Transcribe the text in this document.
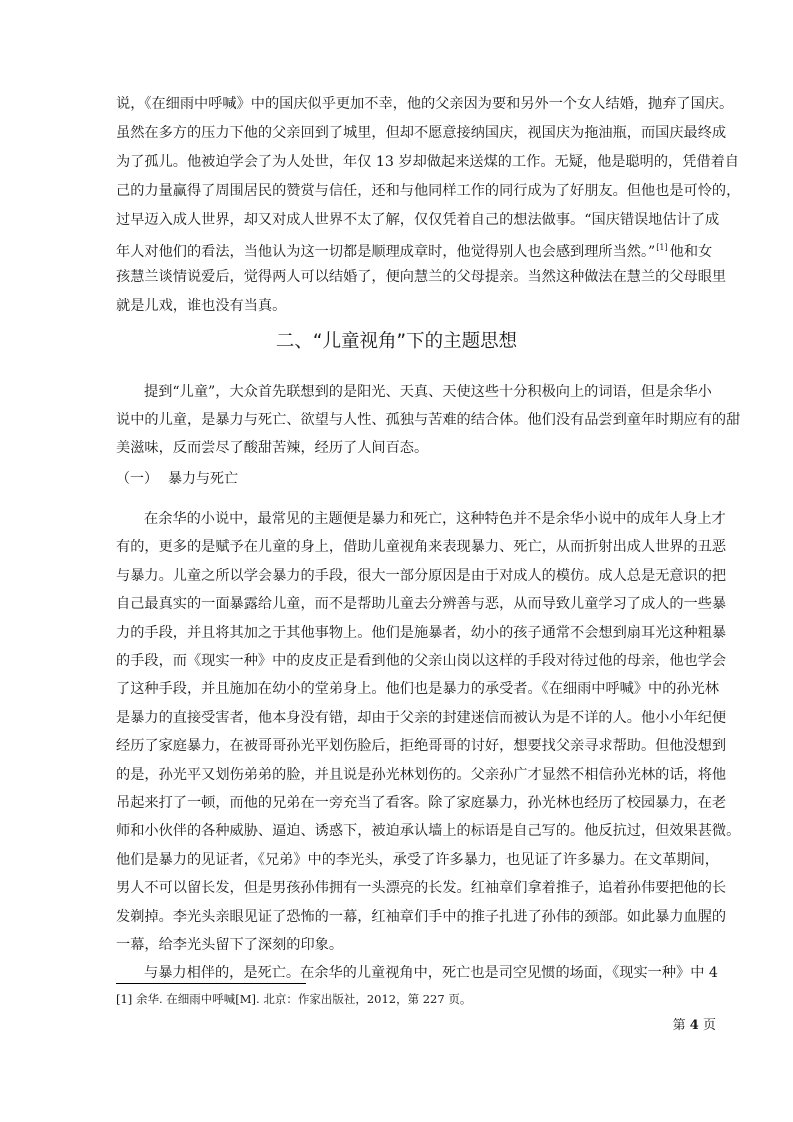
说，《在细雨中呼喊》中的国庆似乎更加不幸，他的父亲因为要和另外一个女人结婚，抛弃了国庆。
虽然在多方的压力下他的父亲回到了城里，但却不愿意接纳国庆，视国庆为拖油瓶，而国庆最终成
为了孤儿。他被迫学会了为人处世，年仅 13 岁却做起来送煤的工作。无疑，他是聪明的，凭借着自
己的力量赢得了周围居民的赞赏与信任，还和与他同样工作的同行成为了好朋友。但他也是可怜的，
过早迈入成人世界，却又对成人世界不太了解，仅仅凭着自己的想法做事。“国庆错误地估计了成
年人对他们的看法，当他认为这一切都是顺理成章时，他觉得别人也会感到理所当然。”[1] 他和女
孩慧兰谈情说爱后，觉得两人可以结婚了，便向慧兰的父母提亲。当然这种做法在慧兰的父母眼里
就是儿戏，谁也没有当真。
二、“儿童视角”下的主题思想
提到“儿童”，大众首先联想到的是阳光、天真、天使这些十分积极向上的词语，但是余华小
说中的儿童，是暴力与死亡、欲望与人性、孤独与苦难的结合体。他们没有品尝到童年时期应有的甜
美滋味，反而尝尽了酸甜苦辣，经历了人间百态。
（一） 暴力与死亡
在余华的小说中，最常见的主题便是暴力和死亡，这种特色并不是余华小说中的成年人身上才
有的，更多的是赋予在儿童的身上，借助儿童视角来表现暴力、死亡，从而折射出成人世界的丑恶
与暴力。儿童之所以学会暴力的手段，很大一部分原因是由于对成人的模仿。成人总是无意识的把
自己最真实的一面暴露给儿童，而不是帮助儿童去分辨善与恶，从而导致儿童学习了成人的一些暴
力的手段，并且将其加之于其他事物上。他们是施暴者，幼小的孩子通常不会想到扇耳光这种粗暴
的手段，而《现实一种》中的皮皮正是看到他的父亲山岗以这样的手段对待过他的母亲，他也学会
了这种手段，并且施加在幼小的堂弟身上。他们也是暴力的承受者。《在细雨中呼喊》中的孙光林
是暴力的直接受害者，他本身没有错，却由于父亲的封建迷信而被认为是不详的人。他小小年纪便
经历了家庭暴力，在被哥哥孙光平划伤脸后，拒绝哥哥的讨好，想要找父亲寻求帮助。但他没想到
的是，孙光平又划伤弟弟的脸，并且说是孙光林划伤的。父亲孙广才显然不相信孙光林的话，将他
吊起来打了一顿，而他的兄弟在一旁充当了看客。除了家庭暴力，孙光林也经历了校园暴力，在老
师和小伙伴的各种威胁、逼迫、诱惑下，被迫承认墙上的标语是自己写的。他反抗过，但效果甚微。
他们是暴力的见证者，《兄弟》中的李光头，承受了许多暴力，也见证了许多暴力。在文革期间，
男人不可以留长发，但是男孩孙伟拥有一头漂亮的长发。红袖章们拿着推子，追着孙伟要把他的长
发剃掉。李光头亲眼见证了恐怖的一幕，红袖章们手中的推子扎进了孙伟的颈部。如此暴力血腥的
一幕，给李光头留下了深刻的印象。
与暴力相伴的，是死亡。在余华的儿童视角中，死亡也是司空见惯的场面，《现实一种》中 4
[1] 余华. 在细雨中呼喊[M]. 北京：作家出版社，2012，第 227 页。
第 4 页
